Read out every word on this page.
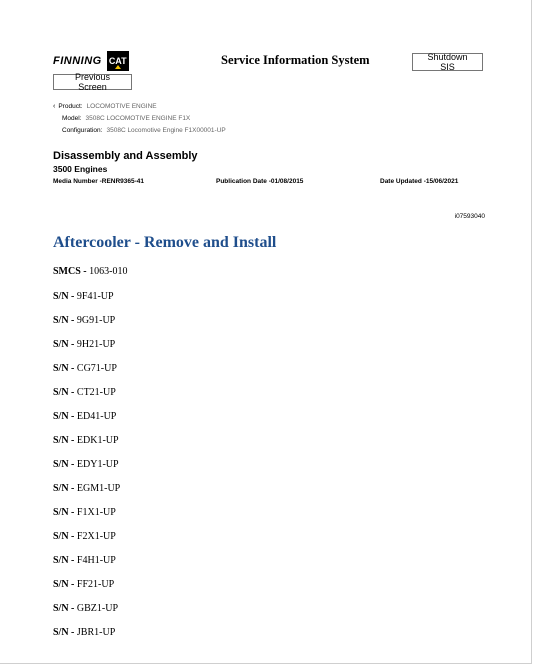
FINNING CAT
Previous Screen
Service Information System	Shutdown SIS
‹ Product: LOCOMOTIVE ENGINE
Model: 3508C LOCOMOTIVE ENGINE F1X
Configuration: 3508C Locomotive Engine F1X00001-UP
Disassembly and Assembly
3500 Engines
Media Number -RENR9365-41	Publication Date -01/08/2015	Date Updated -15/06/2021
i07593040
Aftercooler - Remove and Install
SMCS - 1063-010
S/N - 9F41-UP
S/N - 9G91-UP
S/N - 9H21-UP
S/N - CG71-UP
S/N - CT21-UP
S/N - ED41-UP
S/N - EDK1-UP
S/N - EDY1-UP
S/N - EGM1-UP
S/N - F1X1-UP
S/N - F2X1-UP
S/N - F4H1-UP
S/N - FF21-UP
S/N - GBZ1-UP
S/N - JBR1-UP
